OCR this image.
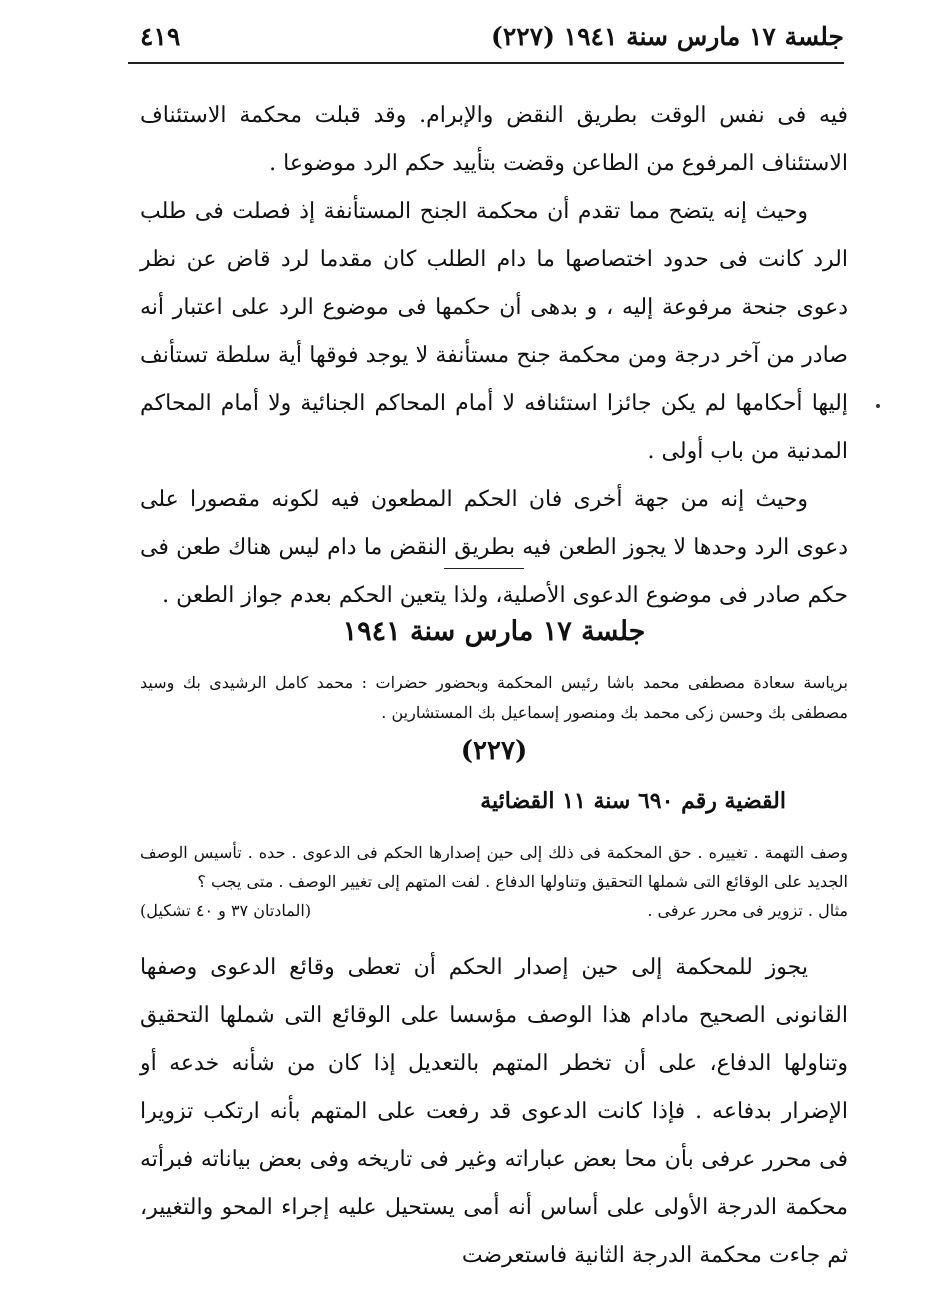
جلسة ١٧ مارس سنة ١٩٤١ (٢٢٧)
٤١٩

فيه فى نفس الوقت بطريق النقض والإبرام. وقد قبلت محكمة الاستئناف الاستئناف المرفوع من الطاعن وقضت بتأييد حكم الرد موضوعا .

وحيث إنه يتضح مما تقدم أن محكمة الجنح المستأنفة إذ فصلت فى طلب الرد كانت فى حدود اختصاصها ما دام الطلب كان مقدما لرد قاض عن نظر دعوى جنحة مرفوعة إليه ، و بدهى أن حكمها فى موضوع الرد على اعتبار أنه صادر من آخر درجة ومن محكمة جنح مستأنفة لا يوجد فوقها أية سلطة تستأنف إليها أحكامها لم يكن جائزا استئنافه لا أمام المحاكم الجنائية ولا أمام المحاكم المدنية من باب أولى .

وحيث إنه من جهة أخرى فان الحكم المطعون فيه لكونه مقصورا على دعوى الرد وحدها لا يجوز الطعن فيه بطريق النقض ما دام ليس هناك طعن فى حكم صادر فى موضوع الدعوى الأصلية، ولذا يتعين الحكم بعدم جواز الطعن .

جلسة ١٧ مارس سنة ١٩٤١
برياسة سعادة مصطفى محمد باشا رئيس المحكمة وبحضور حضرات : محمد كامل الرشيدى بك وسيد مصطفى بك وحسن زكى محمد بك ومنصور إسماعيل بك المستشارين .
(٢٢٧)
القضية رقم ٦٩٠ سنة ١١ القضائية
وصف التهمة . تغييره . حق المحكمة فى ذلك إلى حين إصدارها الحكم فى الدعوى . حده . تأسيس الوصف الجديد على الوقائع التى شملها التحقيق وتناولها الدفاع . لفت المتهم إلى تغيير الوصف . متى يجب ؟
مثال . تزوير فى محرر عرفى .
(المادتان ٣٧ و ٤٠ تشكيل)

يجوز للمحكمة إلى حين إصدار الحكم أن تعطى وقائع الدعوى وصفها القانونى الصحيح مادام هذا الوصف مؤسسا على الوقائع التى شملها التحقيق وتناولها الدفاع، على أن تخطر المتهم بالتعديل إذا كان من شأنه خدعه أو الإضرار بدفاعه . فإذا كانت الدعوى قد رفعت على المتهم بأنه ارتكب تزويرا فى محرر عرفى بأن محا بعض عباراته وغير فى تاريخه وفى بعض بياناته فبرأته محكمة الدرجة الأولى على أساس أنه أمى يستحيل عليه إجراء المحو والتغيير، ثم جاءت محكمة الدرجة الثانية فاستعرضت
